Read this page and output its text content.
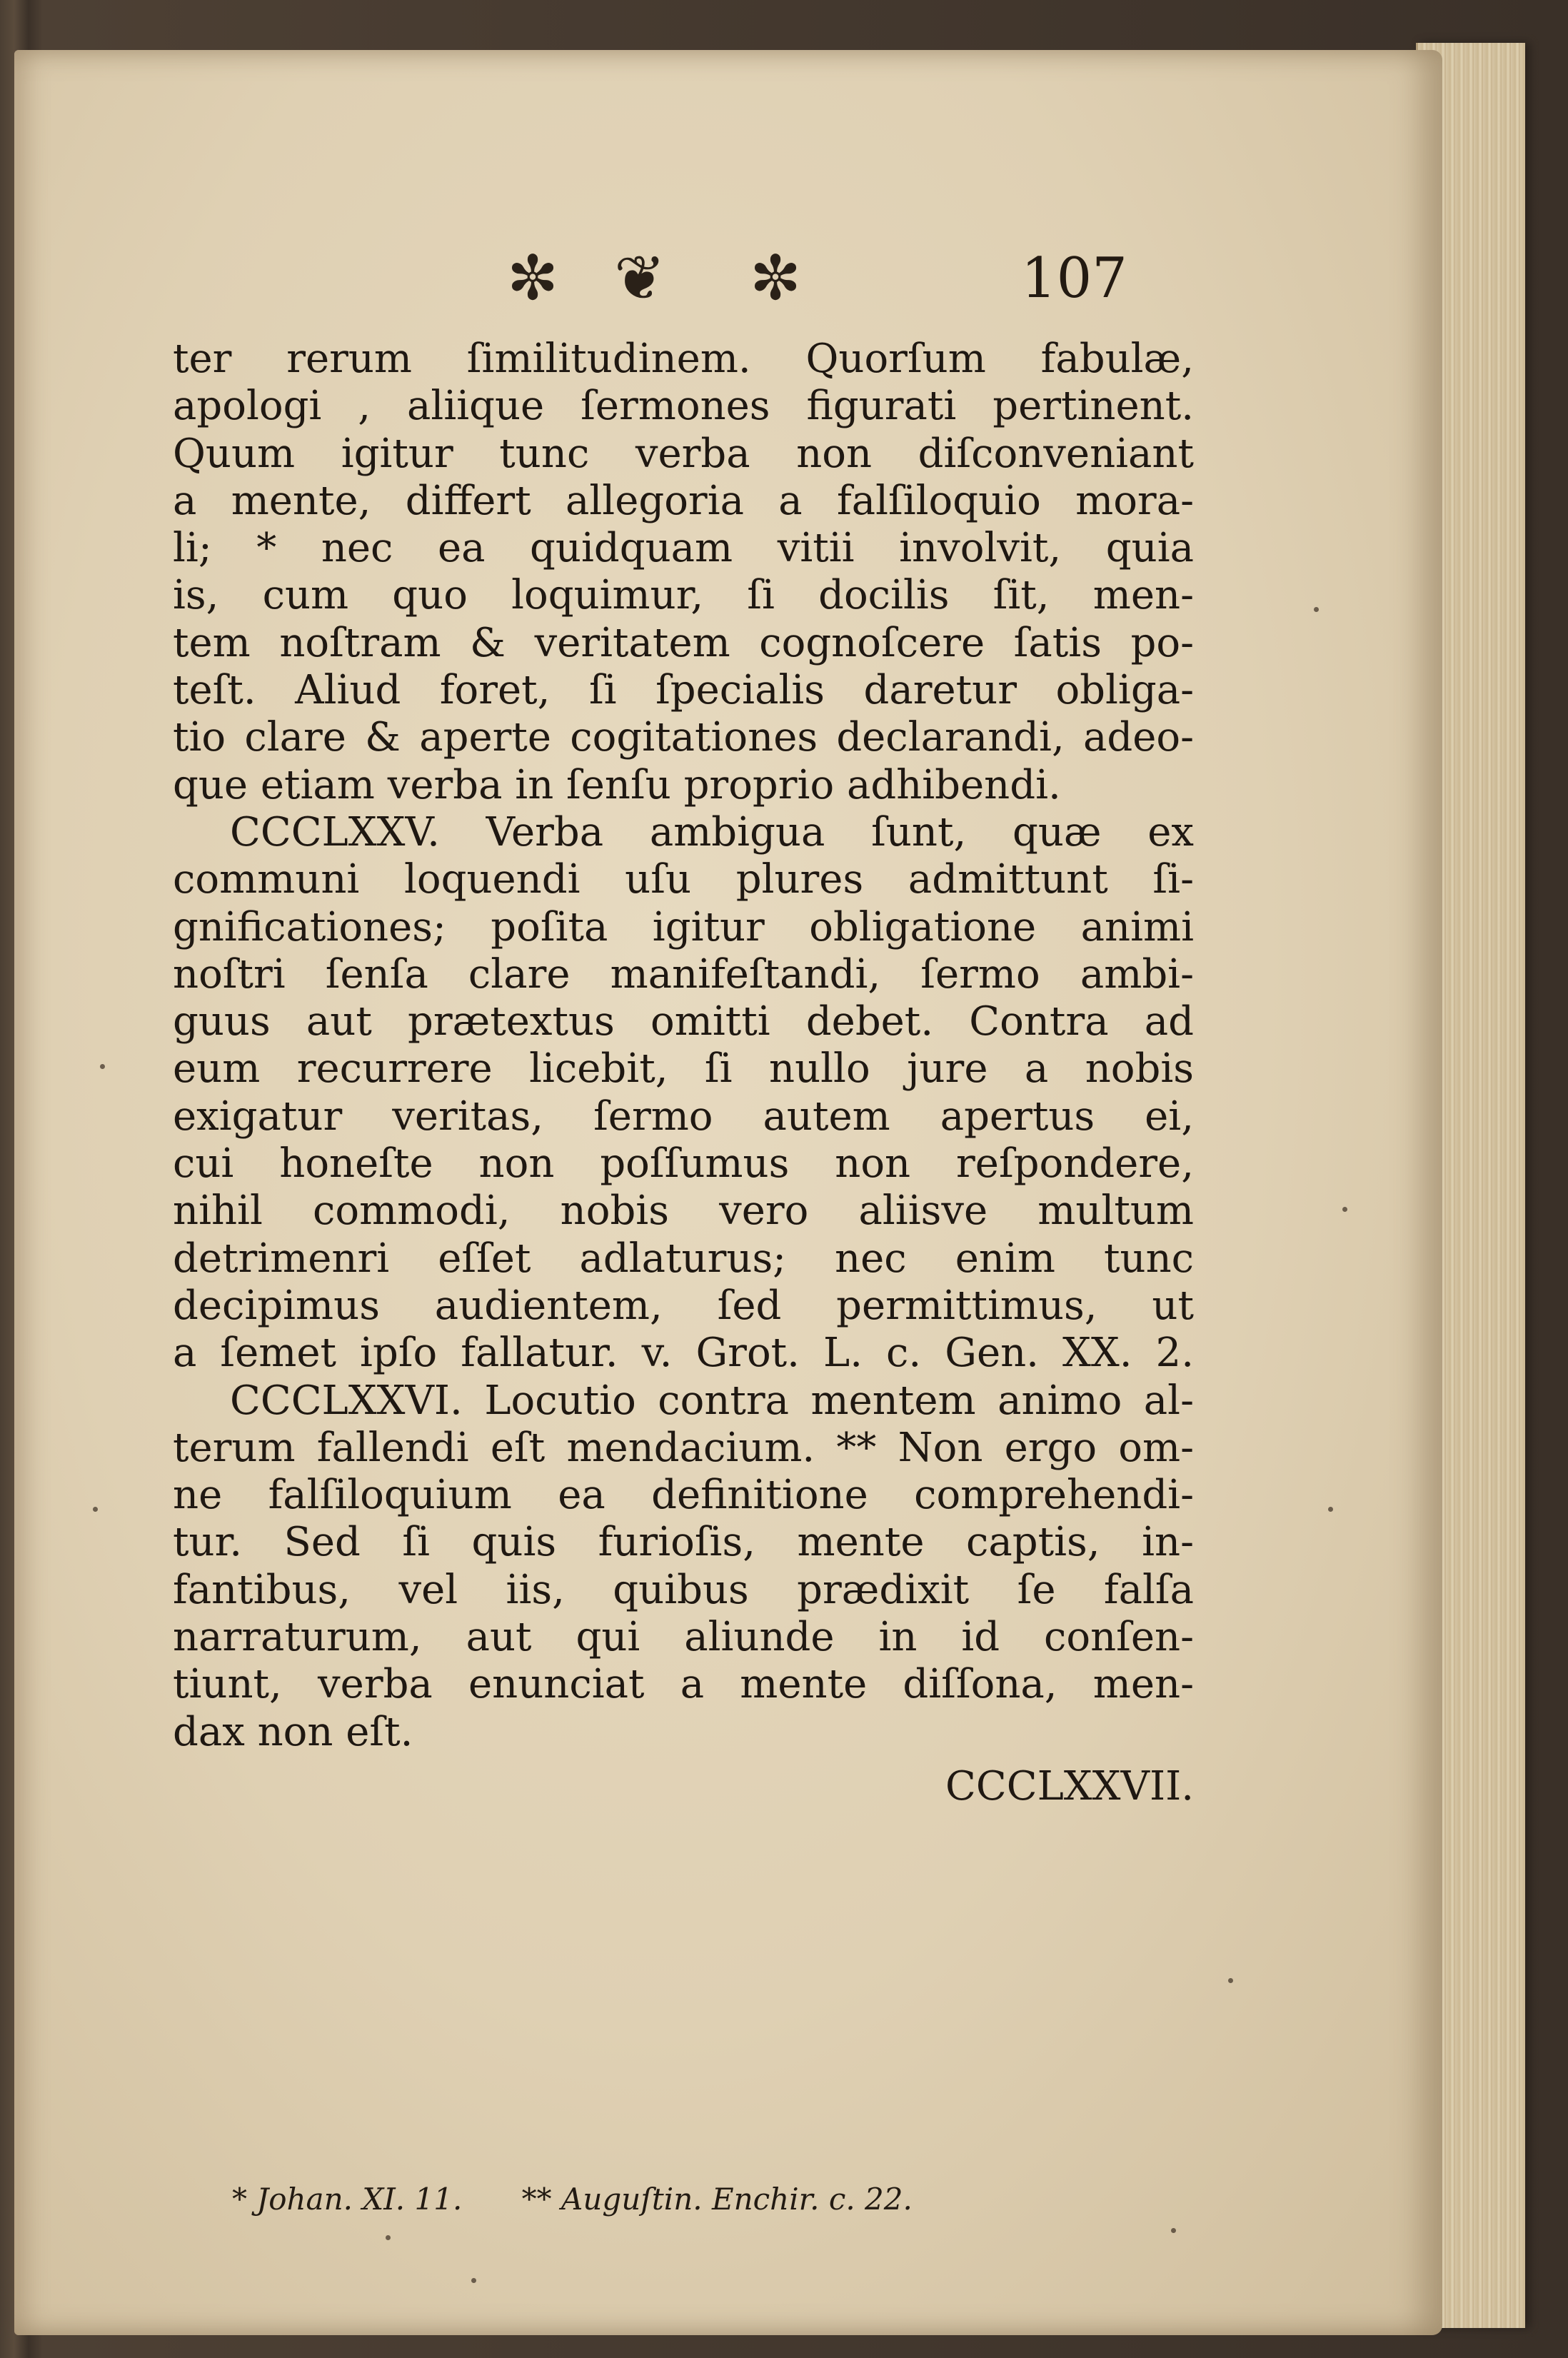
✼ ❦ ✼	107
ter rerum ſimilitudinem. Quorſum fabulæ,
apologi , aliique ſermones figurati pertinent.
Quum igitur tunc verba non diſconveniant
a mente, differt allegoria a falſiloquio mora-
li; * nec ea quidquam vitii involvit, quia
is, cum quo loquimur, ſi docilis ſit, men-
tem noſtram & veritatem cognoſcere ſatis po-
teſt. Aliud foret, ſi ſpecialis daretur obliga-
tio clare & aperte cogitationes declarandi, adeo-
que etiam verba in ſenſu proprio adhibendi.
CCCLXXV. Verba ambigua ſunt, quæ ex
communi loquendi uſu plures admittunt ſi-
gnificationes; poſita igitur obligatione animi
noſtri ſenſa clare manifeſtandi, ſermo ambi-
guus aut prætextus omitti debet. Contra ad
eum recurrere licebit, ſi nullo jure a nobis
exigatur veritas, ſermo autem apertus ei,
cui honeſte non poſſumus non reſpondere,
nihil commodi, nobis vero aliisve multum
detrimenri eſſet adlaturus; nec enim tunc
decipimus audientem, ſed permittimus, ut
a ſemet ipſo fallatur. v. Grot. L. c. Gen. XX. 2.
CCCLXXVI. Locutio contra mentem animo al-
terum fallendi eſt mendacium. ** Non ergo om-
ne falſiloquium ea definitione comprehendi-
tur. Sed ſi quis furioſis, mente captis, in-
fantibus, vel iis, quibus prædixit ſe falſa
narraturum, aut qui aliunde in id conſen-
tiunt, verba enunciat a mente diſſona, men-
dax non eſt.
CCCLXXVII.
* Johan. XI. 11. ** Auguſtin. Enchir. c. 22.
